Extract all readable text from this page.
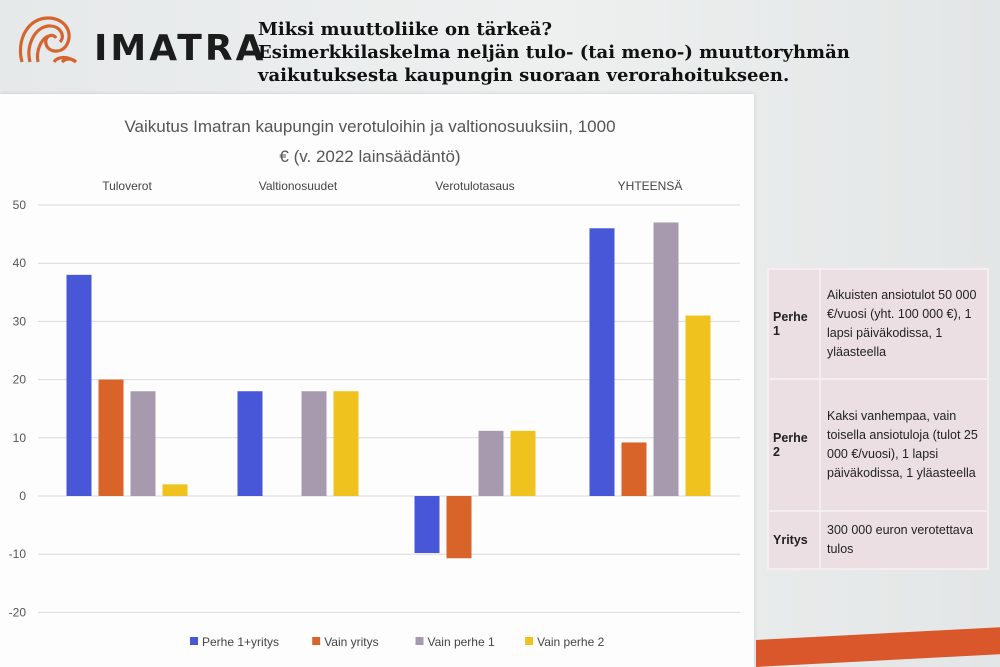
IMATRA
Miksi muuttoliike on tärkeä?
Esimerkkilaskelma neljän tulo- (tai meno-) muuttoryhmän
vaikutuksesta kaupungin suoraan verorahoitukseen.
Vaikutus Imatran kaupungin verotuloihin ja valtionosuuksiin, 1000
€ (v. 2022 lainsäädäntö)
50
40
30
20
10
0
-10
-20
Tuloverot	Valtionosuudet	Verotulotasaus	YHTEENSÄ
Perhe 1+yritys	Vain yritys	Vain perhe 1	Vain perhe 2
Perhe 1	Aikuisten ansiotulot 50 000 €/vuosi (yht. 100 000 €), 1 lapsi päiväkodissa, 1 yläasteella
Perhe 2	Kaksi vanhempaa, vain toisella ansiotuloja (tulot 25 000 €/vuosi), 1 lapsi päiväkodissa, 1 yläasteella
Yritys	300 000 euron verotettava tulos
